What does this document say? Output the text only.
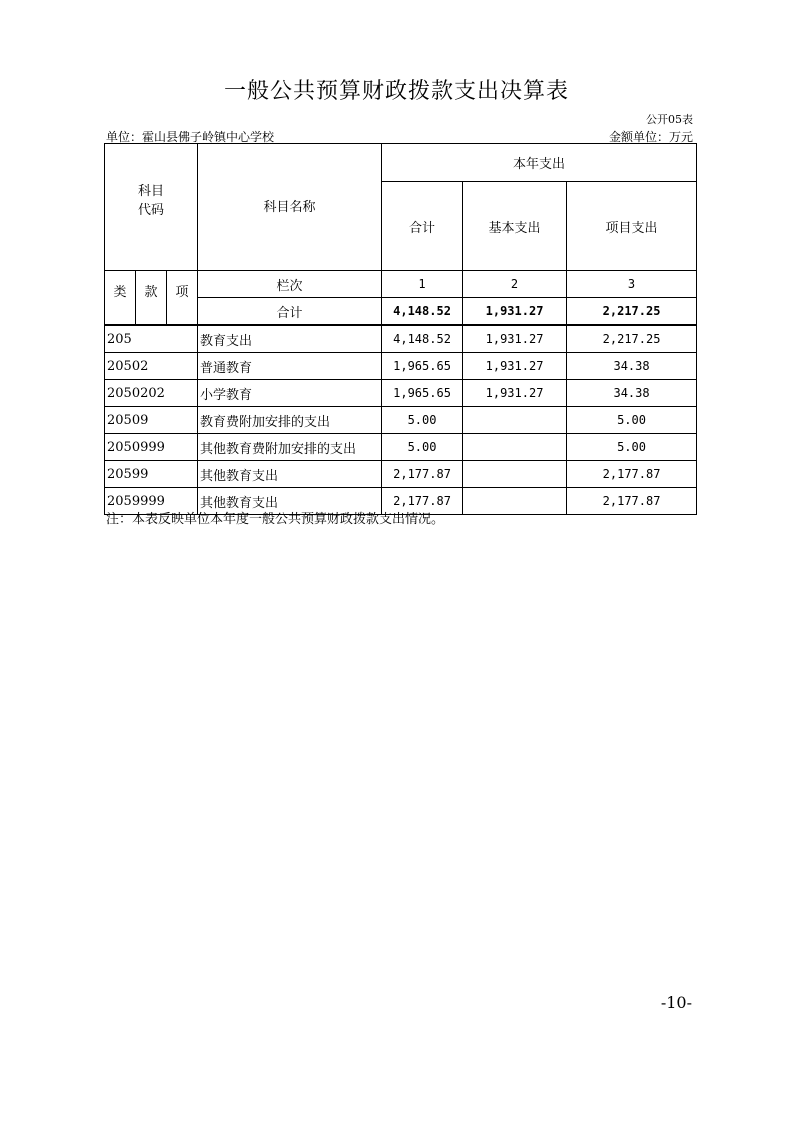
一般公共预算财政拨款支出决算表
公开05表
单位：霍山县佛子岭镇中心学校	金额单位：万元
科目
代码			科目名称	本年支出		
				合计	基本支出	项目支出
类	款	项	栏次	1	2	3
			合计	4,148.52	1,931.27	2,217.25
205			教育支出	4,148.52	1,931.27	2,217.25
20502			普通教育	1,965.65	1,931.27	34.38
2050202			小学教育	1,965.65	1,931.27	34.38
20509			教育费附加安排的支出	5.00		5.00
2050999			其他教育费附加安排的支出	5.00		5.00
20599			其他教育支出	2,177.87		2,177.87
2059999			其他教育支出	2,177.87		2,177.87
注：本表反映单位本年度一般公共预算财政拨款支出情况。
-10-
